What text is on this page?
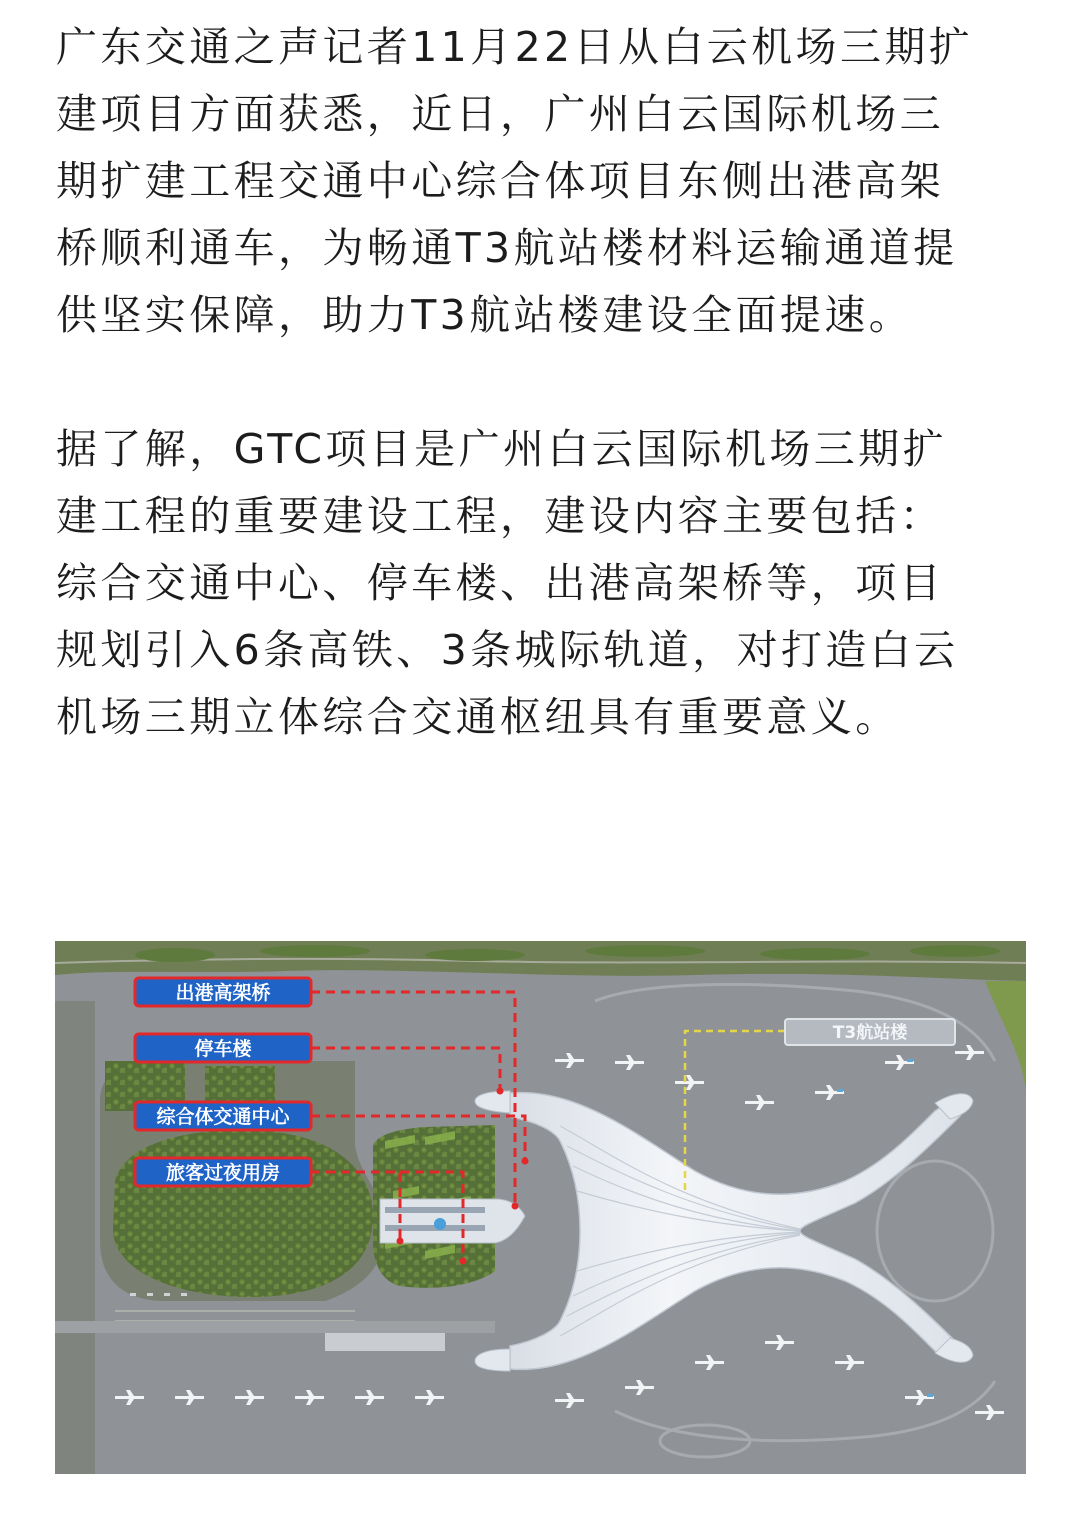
广东交通之声记者11月22日从白云机场三期扩
建项目方面获悉，近日，广州白云国际机场三
期扩建工程交通中心综合体项目东侧出港高架
桥顺利通车，为畅通T3航站楼材料运输通道提
供坚实保障，助力T3航站楼建设全面提速。

据了解，GTC项目是广州白云国际机场三期扩
建工程的重要建设工程，建设内容主要包括：
综合交通中心、停车楼、出港高架桥等，项目
规划引入6条高铁、3条城际轨道，对打造白云
机场三期立体综合交通枢纽具有重要意义。

出港高架桥
停车楼
综合体交通中心
旅客过夜用房
T3航站楼
